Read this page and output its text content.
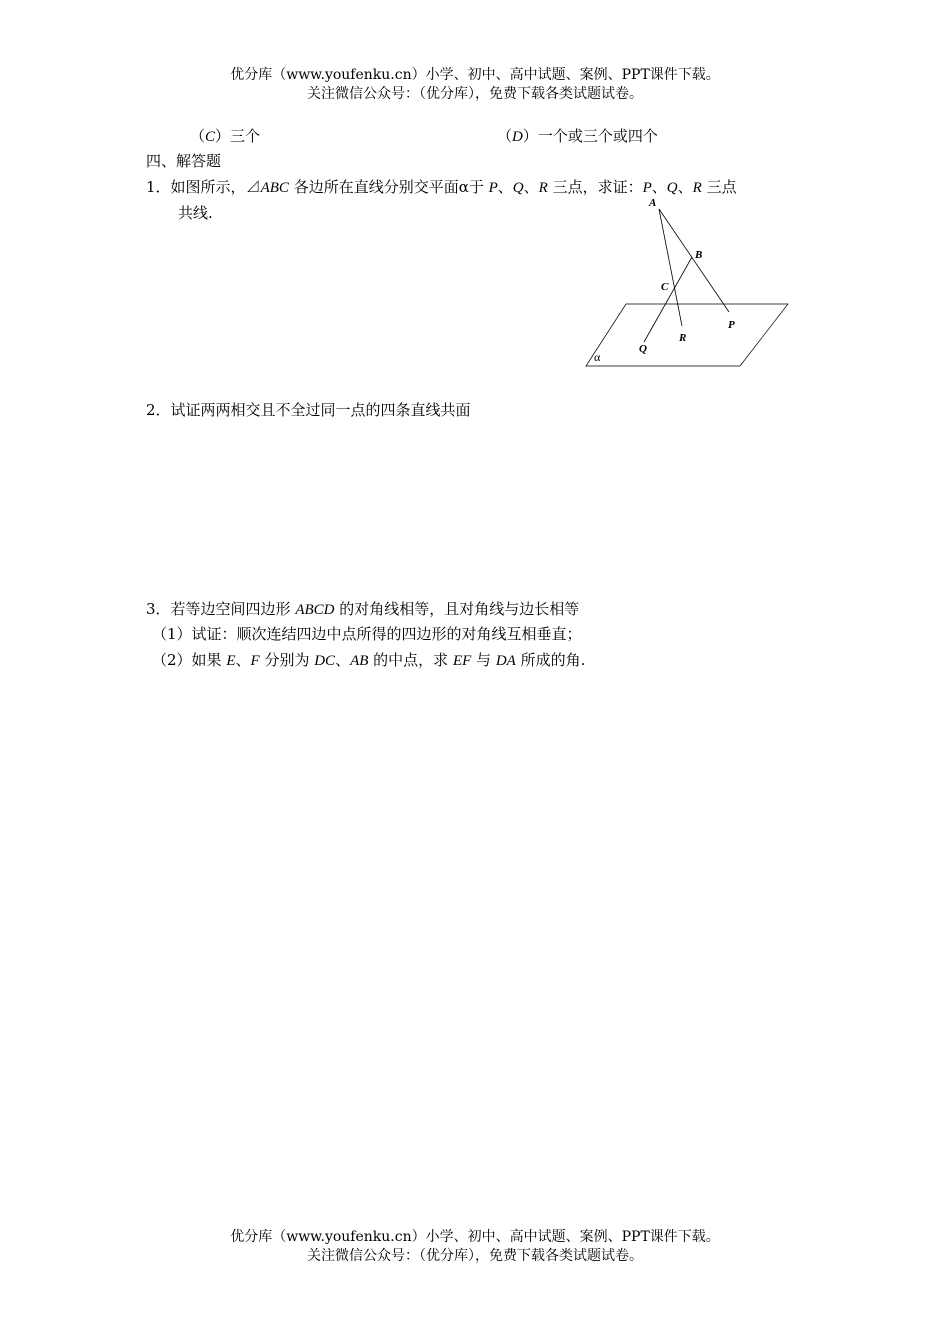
优分库（www.youfenku.cn）小学、初中、高中试题、案例、PPT课件下载。
关注微信公众号：（优分库），免费下载各类试题试卷。
（C）三个	（D）一个或三个或四个
四、解答题
1．如图所示，⊿ABC 各边所在直线分别交平面α于 P、Q、R 三点，求证：P、Q、R 三点
共线.
A
B
C
P
R
Q
α
2．试证两两相交且不全过同一点的四条直线共面
3．若等边空间四边形 ABCD 的对角线相等，且对角线与边长相等
（1）试证：顺次连结四边中点所得的四边形的对角线互相垂直；
（2）如果 E、F 分别为 DC、AB 的中点，求 EF 与 DA 所成的角.
优分库（www.youfenku.cn）小学、初中、高中试题、案例、PPT课件下载。
关注微信公众号：（优分库），免费下载各类试题试卷。
